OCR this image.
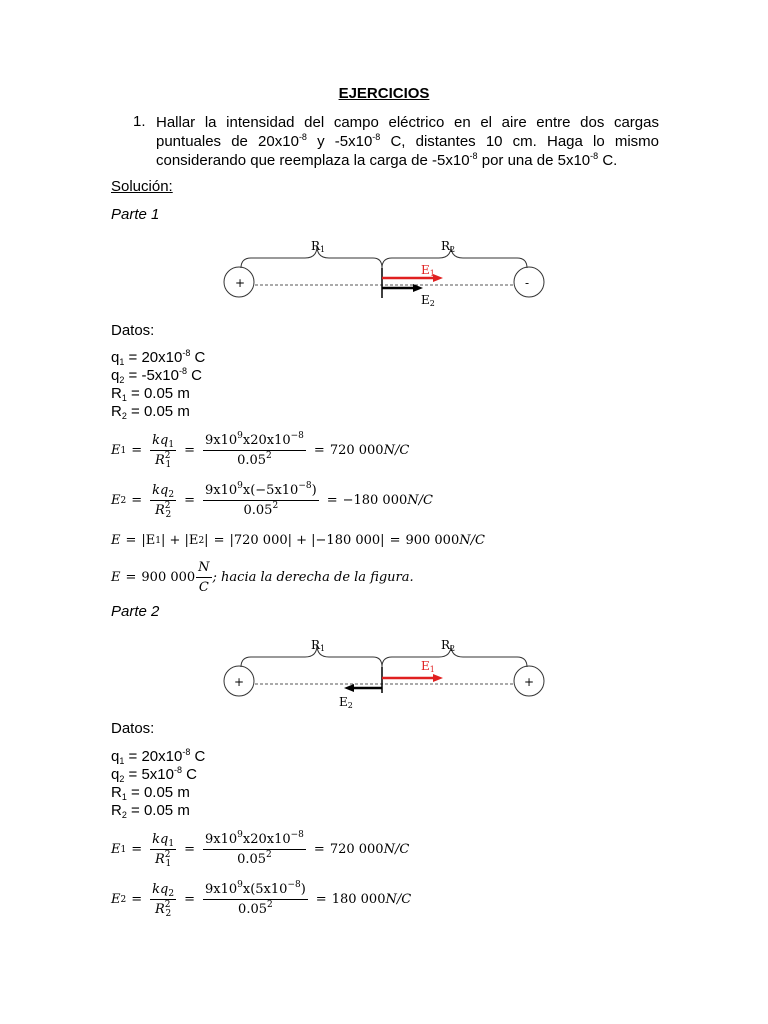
EJERCICIOS
1. Hallar la intensidad del campo eléctrico en el aire entre dos cargas puntuales de $20x10^{-8}$ y $-5x10^{-8}$ C, distantes 10 cm. Haga lo mismo considerando que reemplaza la carga de $-5x10^{-8}$ por una de $5x10^{-8}$ C.
Solución:
Parte 1
+	-
R1	R2
E1
E2
Datos:
$q_1 = 20x10^{-8}$ C
$q_2 = -5x10^{-8}$ C
$R_1 = 0.05$ m
$R_2 = 0.05$ m
E $1 = \frac{kq_1}{R^2_1} = \frac{9x10^9x20x10^{-8}}{0.05^2} = 720$ 000 N/C
E $2 = \frac{kq_2}{R^2_2} = \frac{9x10^9x(-5x10^{-8})}{0.05^2} = -180$ 000 N/C
E = |E 1 | + |E 2 | = |720 000| + |−180 000| = 900 000 N/C
E = 900 $000 \frac{N}{C}$ ; hacia la derecha de la figura.
Parte 2
+	+
R1	R2
E1
E2
Datos:
$q_1 = 20x10^{-8}$ C
$q_2 = 5x10^{-8}$ C
$R_1 = 0.05$ m
$R_2 = 0.05$ m
E $1 = \frac{kq_1}{R^2_1} = \frac{9x10^9x20x10^{-8}}{0.05^2} = 720$ 000 N/C
E $2 = \frac{kq_2}{R^2_2} = \frac{9x10^9x(5x10^{-8})}{0.05^2} = 180$ 000 N/C
